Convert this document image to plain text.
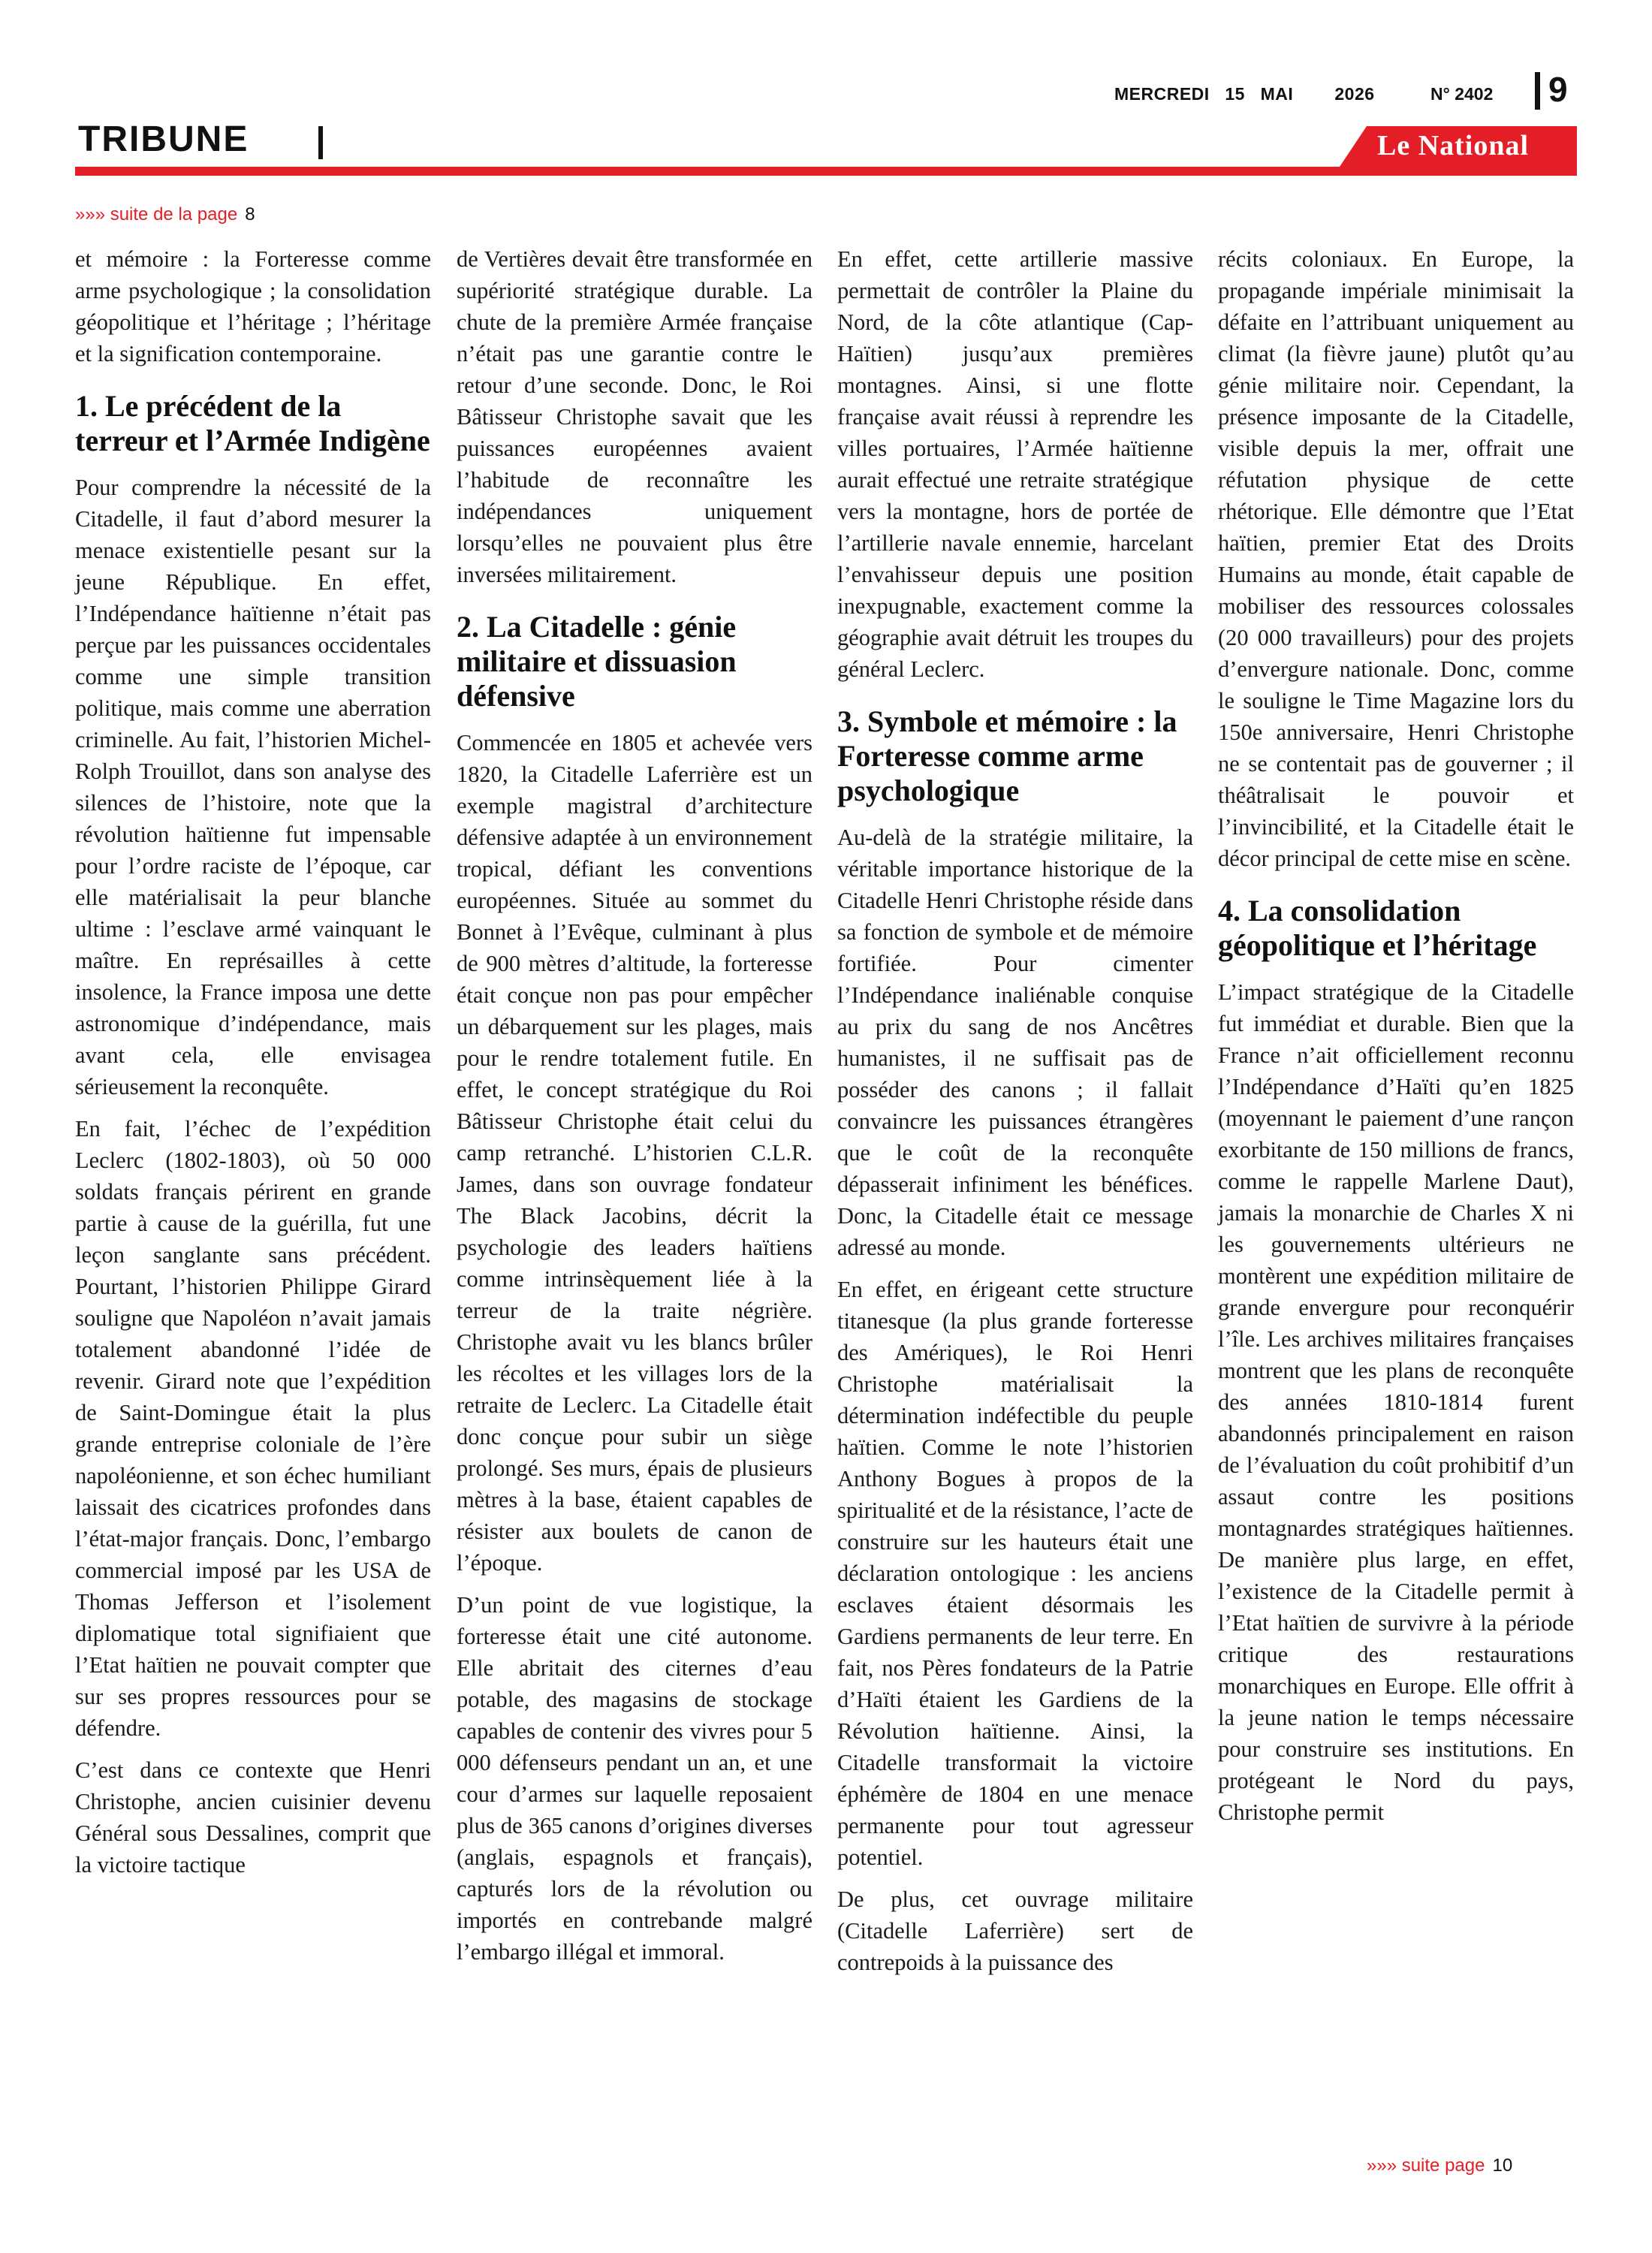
MERCREDI   15   MAI        2026	N° 2402 9
TRIBUNE	Le National
»»» suite de la page 8

et mémoire : la Forteresse comme arme psychologique ; la consolidation géopolitique et l’héritage ; l’héritage et la signification contemporaine.

1. Le précédent de la terreur et l’Armée Indigène

Pour comprendre la nécessité de la Citadelle, il faut d’abord mesurer la menace existentielle pesant sur la jeune République. En effet, l’Indépendance haïtienne n’était pas perçue par les puissances occidentales comme une simple transition politique, mais comme une aberration criminelle. Au fait, l’historien Michel-Rolph Trouillot, dans son analyse des silences de l’histoire, note que la révolution haïtienne fut impensable pour l’ordre raciste de l’époque, car elle matérialisait la peur blanche ultime : l’esclave armé vainquant le maître. En représailles à cette insolence, la France imposa une dette astronomique d’indépendance, mais avant cela, elle envisagea sérieusement la reconquête.

En fait, l’échec de l’expédition Leclerc (1802-1803), où 50 000 soldats français périrent en grande partie à cause de la guérilla, fut une leçon sanglante sans précédent. Pourtant, l’historien Philippe Girard souligne que Napoléon n’avait jamais totalement abandonné l’idée de revenir. Girard note que l’expédition de Saint-Domingue était la plus grande entreprise coloniale de l’ère napoléonienne, et son échec humiliant laissait des cicatrices profondes dans l’état-major français. Donc, l’embargo commercial imposé par les USA de Thomas Jefferson et l’isolement diplomatique total signifiaient que l’Etat haïtien ne pouvait compter que sur ses propres ressources pour se défendre.

C’est dans ce contexte que Henri Christophe, ancien cuisinier devenu Général sous Dessalines, comprit que la victoire tactique

de Vertières devait être transformée en supériorité stratégique durable. La chute de la première Armée française n’était pas une garantie contre le retour d’une seconde. Donc, le Roi Bâtisseur Christophe savait que les puissances européennes avaient l’habitude de reconnaître les indépendances uniquement lorsqu’elles ne pouvaient plus être inversées militairement.

2. La Citadelle : génie militaire et dissuasion défensive

Commencée en 1805 et achevée vers 1820, la Citadelle Laferrière est un exemple magistral d’architecture défensive adaptée à un environnement tropical, défiant les conventions européennes. Située au sommet du Bonnet à l’Evêque, culminant à plus de 900 mètres d’altitude, la forteresse était conçue non pas pour empêcher un débarquement sur les plages, mais pour le rendre totalement futile. En effet, le concept stratégique du Roi Bâtisseur Christophe était celui du camp retranché. L’historien C.L.R. James, dans son ouvrage fondateur The Black Jacobins, décrit la psychologie des leaders haïtiens comme intrinsèquement liée à la terreur de la traite négrière. Christophe avait vu les blancs brûler les récoltes et les villages lors de la retraite de Leclerc. La Citadelle était donc conçue pour subir un siège prolongé. Ses murs, épais de plusieurs mètres à la base, étaient capables de résister aux boulets de canon de l’époque.

D’un point de vue logistique, la forteresse était une cité autonome. Elle abritait des citernes d’eau potable, des magasins de stockage capables de contenir des vivres pour 5 000 défenseurs pendant un an, et une cour d’armes sur laquelle reposaient plus de 365 canons d’origines diverses (anglais, espagnols et français), capturés lors de la révolution ou importés en contrebande malgré l’embargo illégal et immoral.

En effet, cette artillerie massive permettait de contrôler la Plaine du Nord, de la côte atlantique (Cap-Haïtien) jusqu’aux premières montagnes. Ainsi, si une flotte française avait réussi à reprendre les villes portuaires, l’Armée haïtienne aurait effectué une retraite stratégique vers la montagne, hors de portée de l’artillerie navale ennemie, harcelant l’envahisseur depuis une position inexpugnable, exactement comme la géographie avait détruit les troupes du général Leclerc.

3. Symbole et mémoire : la Forteresse comme arme psychologique

Au-delà de la stratégie militaire, la véritable importance historique de la Citadelle Henri Christophe réside dans sa fonction de symbole et de mémoire fortifiée. Pour cimenter l’Indépendance inaliénable conquise au prix du sang de nos Ancêtres humanistes, il ne suffisait pas de posséder des canons ; il fallait convaincre les puissances étrangères que le coût de la reconquête dépasserait infiniment les bénéfices. Donc, la Citadelle était ce message adressé au monde.

En effet, en érigeant cette structure titanesque (la plus grande forteresse des Amériques), le Roi Henri Christophe matérialisait la détermination indéfectible du peuple haïtien. Comme le note l’historien Anthony Bogues à propos de la spiritualité et de la résistance, l’acte de construire sur les hauteurs était une déclaration ontologique : les anciens esclaves étaient désormais les Gardiens permanents de leur terre. En fait, nos Pères fondateurs de la Patrie d’Haïti étaient les Gardiens de la Révolution haïtienne. Ainsi, la Citadelle transformait la victoire éphémère de 1804 en une menace permanente pour tout agresseur potentiel.

De plus, cet ouvrage militaire (Citadelle Laferrière) sert de contrepoids à la puissance des

récits coloniaux. En Europe, la propagande impériale minimisait la défaite en l’attribuant uniquement au climat (la fièvre jaune) plutôt qu’au génie militaire noir. Cependant, la présence imposante de la Citadelle, visible depuis la mer, offrait une réfutation physique de cette rhétorique. Elle démontre que l’Etat haïtien, premier Etat des Droits Humains au monde, était capable de mobiliser des ressources colossales (20 000 travailleurs) pour des projets d’envergure nationale. Donc, comme le souligne le Time Magazine lors du 150e anniversaire, Henri Christophe ne se contentait pas de gouverner ; il théâtralisait le pouvoir et l’invincibilité, et la Citadelle était le décor principal de cette mise en scène.

4. La consolidation géopolitique et l’héritage

L’impact stratégique de la Citadelle fut immédiat et durable. Bien que la France n’ait officiellement reconnu l’Indépendance d’Haïti qu’en 1825 (moyennant le paiement d’une rançon exorbitante de 150 millions de francs, comme le rappelle Marlene Daut), jamais la monarchie de Charles X ni les gouvernements ultérieurs ne montèrent une expédition militaire de grande envergure pour reconquérir l’île. Les archives militaires françaises montrent que les plans de reconquête des années 1810-1814 furent abandonnés principalement en raison de l’évaluation du coût prohibitif d’un assaut contre les positions montagnardes stratégiques haïtiennes. De manière plus large, en effet, l’existence de la Citadelle permit à l’Etat haïtien de survivre à la période critique des restaurations monarchiques en Europe. Elle offrit à la jeune nation le temps nécessaire pour construire ses institutions. En protégeant le Nord du pays, Christophe permit

»»» suite page 10
